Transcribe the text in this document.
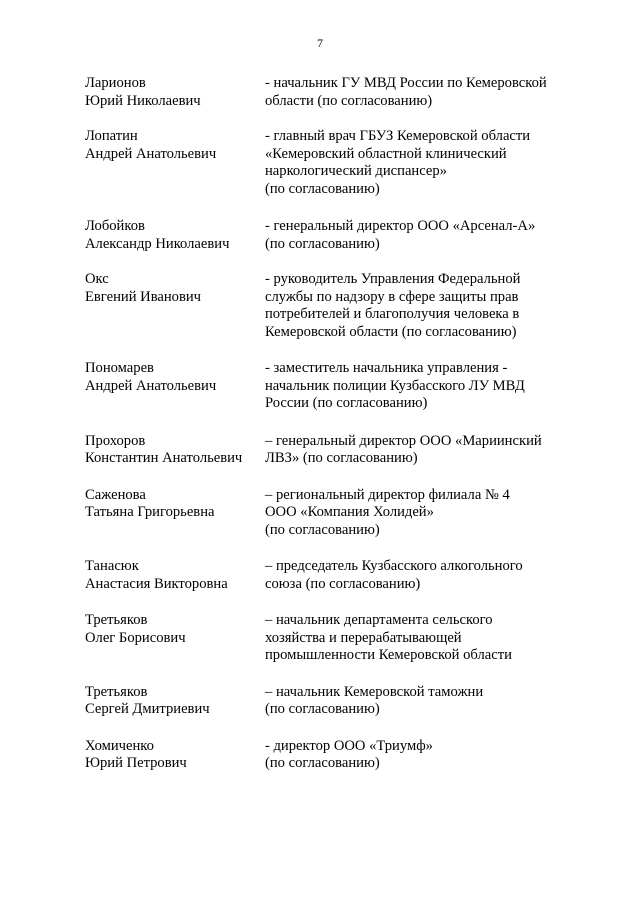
7
Ларионов
Юрий Николаевич
- начальник ГУ МВД России по Кемеровской
области (по согласованию)
Лопатин
Андрей Анатольевич
- главный врач ГБУЗ Кемеровской области
«Кемеровский областной клинический
наркологический диспансер»
(по согласованию)
Лобойков
Александр Николаевич
- генеральный директор ООО «Арсенал-А»
(по согласованию)
Окс
Евгений Иванович
- руководитель Управления Федеральной
службы по надзору в сфере защиты прав
потребителей и благополучия человека в
Кемеровской области (по согласованию)
Пономарев
Андрей Анатольевич
- заместитель начальника управления -
начальник полиции Кузбасского ЛУ МВД
России (по согласованию)
Прохоров
Константин Анатольевич
– генеральный директор ООО «Мариинский
ЛВЗ» (по согласованию)
Саженова
Татьяна Григорьевна
– региональный директор филиала № 4
ООО «Компания Холидей»
(по согласованию)
Танасюк
Анастасия Викторовна
– председатель Кузбасского алкогольного
союза (по согласованию)
Третьяков
Олег Борисович
– начальник департамента сельского
хозяйства и перерабатывающей
промышленности Кемеровской области
Третьяков
Сергей Дмитриевич
– начальник Кемеровской таможни
(по согласованию)
Хомиченко
Юрий Петрович
- директор ООО «Триумф»
(по согласованию)
